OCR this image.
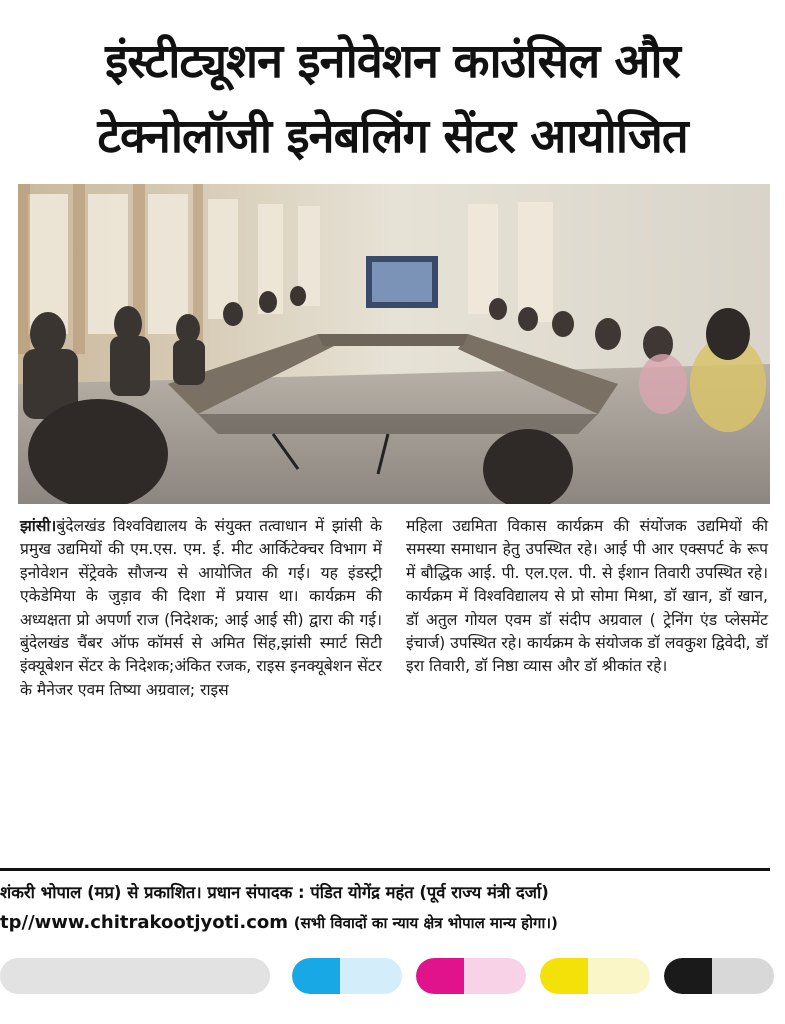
इंस्टीट्यूशन इनोवेशन काउंसिल और
टेक्नोलॉजी इनेबलिंग सेंटर आयोजित

झांसी।बुंदेलखंड विश्वविद्यालय के संयुक्त तत्वाधान में झांसी के प्रमुख उद्यमियों की एम.एस. एम. ई. मीट आर्किटेक्चर विभाग में इनोवेशन सेंट्रेवके सौजन्य से आयोजित की गई। यह इंडस्ट्री एकेडेमिया के जुड़ाव की दिशा में प्रयास था। कार्यक्रम की अध्यक्षता प्रो अपर्णा राज (निदेशक; आई आई सी) द्वारा की गई। बुंदेलखंड चैंबर ऑफ कॉमर्स से अमित सिंह,झांसी स्मार्ट सिटी इंक्यूबेशन सेंटर के निदेशक;अंकित रजक, राइस इनक्यूबेशन सेंटर के मैनेजर एवम तिष्या अग्रवाल; राइस

महिला उद्यमिता विकास कार्यक्रम की संयोंजक उद्यमियों की समस्या समाधान हेतु उपस्थित रहे। आई पी आर एक्सपर्ट के रूप में बौद्धिक आई. पी. एल.एल. पी. से ईशान तिवारी उपस्थित रहे। कार्यक्रम में विश्वविद्यालय से प्रो सोमा मिश्रा, डॉ खान, डॉ खान, डॉ अतुल गोयल एवम डॉ संदीप अग्रवाल ( ट्रेनिंग एंड प्लेसमेंट इंचार्ज) उपस्थित रहे। कार्यक्रम के संयोजक डॉ लवकुश द्विवेदी, डॉ इरा तिवारी, डॉ निष्ठा व्यास और डॉ श्रीकांत रहे।

शंकरी भोपाल (मप्र) से प्रकाशित। प्रधान संपादक : पंडित योगेंद्र महंत (पूर्व राज्य मंत्री दर्जा)
tp//www.chitrakootjyoti.com (सभी विवादों का न्याय क्षेत्र भोपाल मान्य होगा।)
